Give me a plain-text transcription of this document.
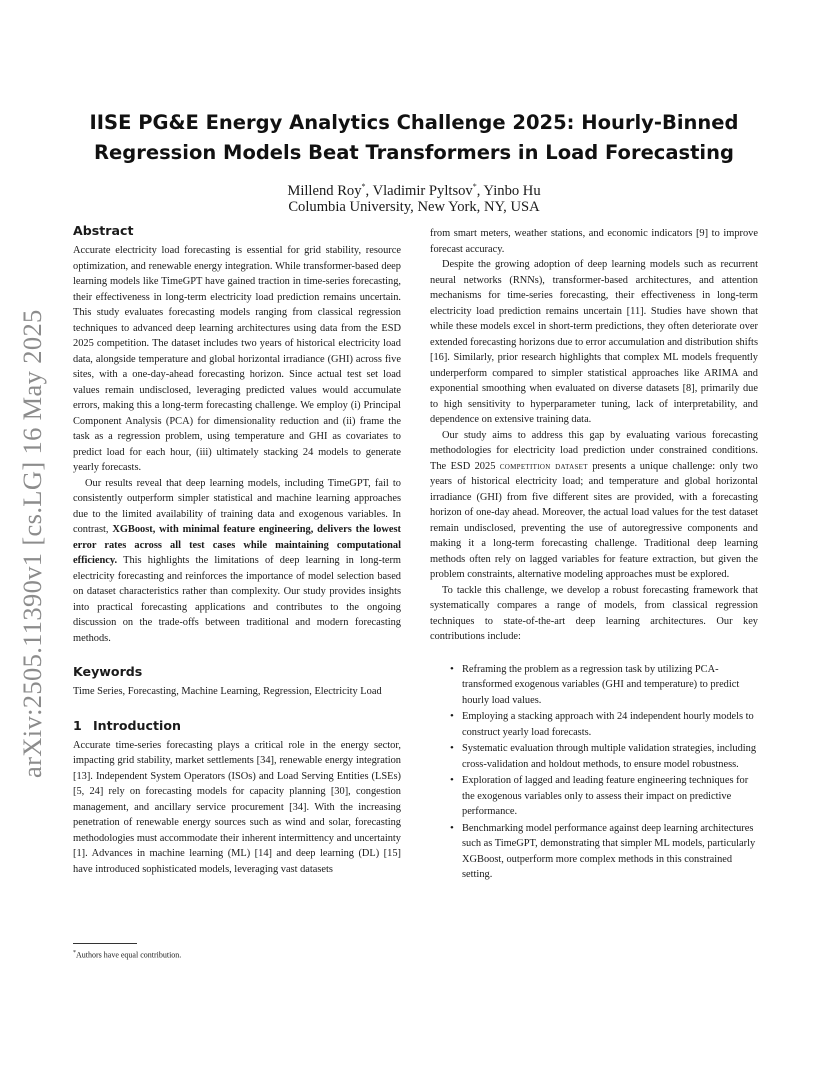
arXiv:2505.11390v1 [cs.LG] 16 May 2025
IISE PG&E Energy Analytics Challenge 2025: Hourly-Binned
Regression Models Beat Transformers in Load Forecasting
Millend Roy*, Vladimir Pyltsov*, Yinbo Hu
Columbia University, New York, NY, USA
Abstract

Accurate electricity load forecasting is essential for grid stability, resource optimization, and renewable energy integration. While transformer-based deep learning models like TimeGPT have gained traction in time-series forecasting, their effectiveness in long-term electricity load prediction remains uncertain. This study evaluates forecasting models ranging from classical regression techniques to advanced deep learning architectures using data from the ESD 2025 competition. The dataset includes two years of historical electricity load data, alongside temperature and global horizontal irradiance (GHI) across five sites, with a one-day-ahead forecasting horizon. Since actual test set load values remain undisclosed, leveraging predicted values would accumulate errors, making this a long-term forecasting challenge. We employ (i) Principal Component Analysis (PCA) for dimensionality reduction and (ii) frame the task as a regression problem, using temperature and GHI as covariates to predict load for each hour, (iii) ultimately stacking 24 models to generate yearly forecasts.

Our results reveal that deep learning models, including TimeGPT, fail to consistently outperform simpler statistical and machine learning approaches due to the limited availability of training data and exogenous variables. In contrast, XGBoost, with minimal feature engineering, delivers the lowest error rates across all test cases while maintaining computational efficiency. This highlights the limitations of deep learning in long-term electricity forecasting and reinforces the importance of model selection based on dataset characteristics rather than complexity. Our study provides insights into practical forecasting applications and contributes to the ongoing discussion on the trade-offs between traditional and modern forecasting methods.

Keywords

Time Series, Forecasting, Machine Learning, Regression, Electricity Load

1 Introduction

Accurate time-series forecasting plays a critical role in the energy sector, impacting grid stability, market settlements [34], renewable energy integration [13]. Independent System Operators (ISOs) and Load Serving Entities (LSEs) [5, 24] rely on forecasting models for capacity planning [30], congestion management, and ancillary service procurement [34]. With the increasing penetration of renewable energy sources such as wind and solar, forecasting methodologies must accommodate their inherent intermittency and uncertainty [1]. Advances in machine learning (ML) [14] and deep learning (DL) [15] have introduced sophisticated models, leveraging vast datasets

from smart meters, weather stations, and economic indicators [9] to improve forecast accuracy.

Despite the growing adoption of deep learning models such as recurrent neural networks (RNNs), transformer-based architectures, and attention mechanisms for time-series forecasting, their effectiveness in long-term electricity load prediction remains uncertain [11]. Studies have shown that while these models excel in short-term predictions, they often deteriorate over extended forecasting horizons due to error accumulation and distribution shifts [16]. Similarly, prior research highlights that complex ML models frequently underperform compared to simpler statistical approaches like ARIMA and exponential smoothing when evaluated on diverse datasets [8], primarily due to high sensitivity to hyperparameter tuning, lack of interpretability, and dependence on extensive training data.

Our study aims to address this gap by evaluating various forecasting methodologies for electricity load prediction under constrained conditions. The ESD 2025 competition dataset presents a unique challenge: only two years of historical electricity load; and temperature and global horizontal irradiance (GHI) from five different sites are provided, with a forecasting horizon of one-day ahead. Moreover, the actual load values for the test dataset remain undisclosed, preventing the use of autoregressive components and making it a long-term forecasting challenge. Traditional deep learning methods often rely on lagged variables for feature extraction, but given the problem constraints, alternative modeling approaches must be explored.

To tackle this challenge, we develop a robust forecasting framework that systematically compares a range of models, from classical regression techniques to state-of-the-art deep learning architectures. Our key contributions include:

• Reframing the problem as a regression task by utilizing PCA-transformed exogenous variables (GHI and temperature) to predict hourly load values.
• Employing a stacking approach with 24 independent hourly models to construct yearly load forecasts.
• Systematic evaluation through multiple validation strategies, including cross-validation and holdout methods, to ensure model robustness.
• Exploration of lagged and leading feature engineering techniques for the exogenous variables only to assess their impact on predictive performance.
• Benchmarking model performance against deep learning architectures such as TimeGPT, demonstrating that simpler ML models, particularly XGBoost, outperform more complex methods in this constrained setting.
*Authors have equal contribution.
